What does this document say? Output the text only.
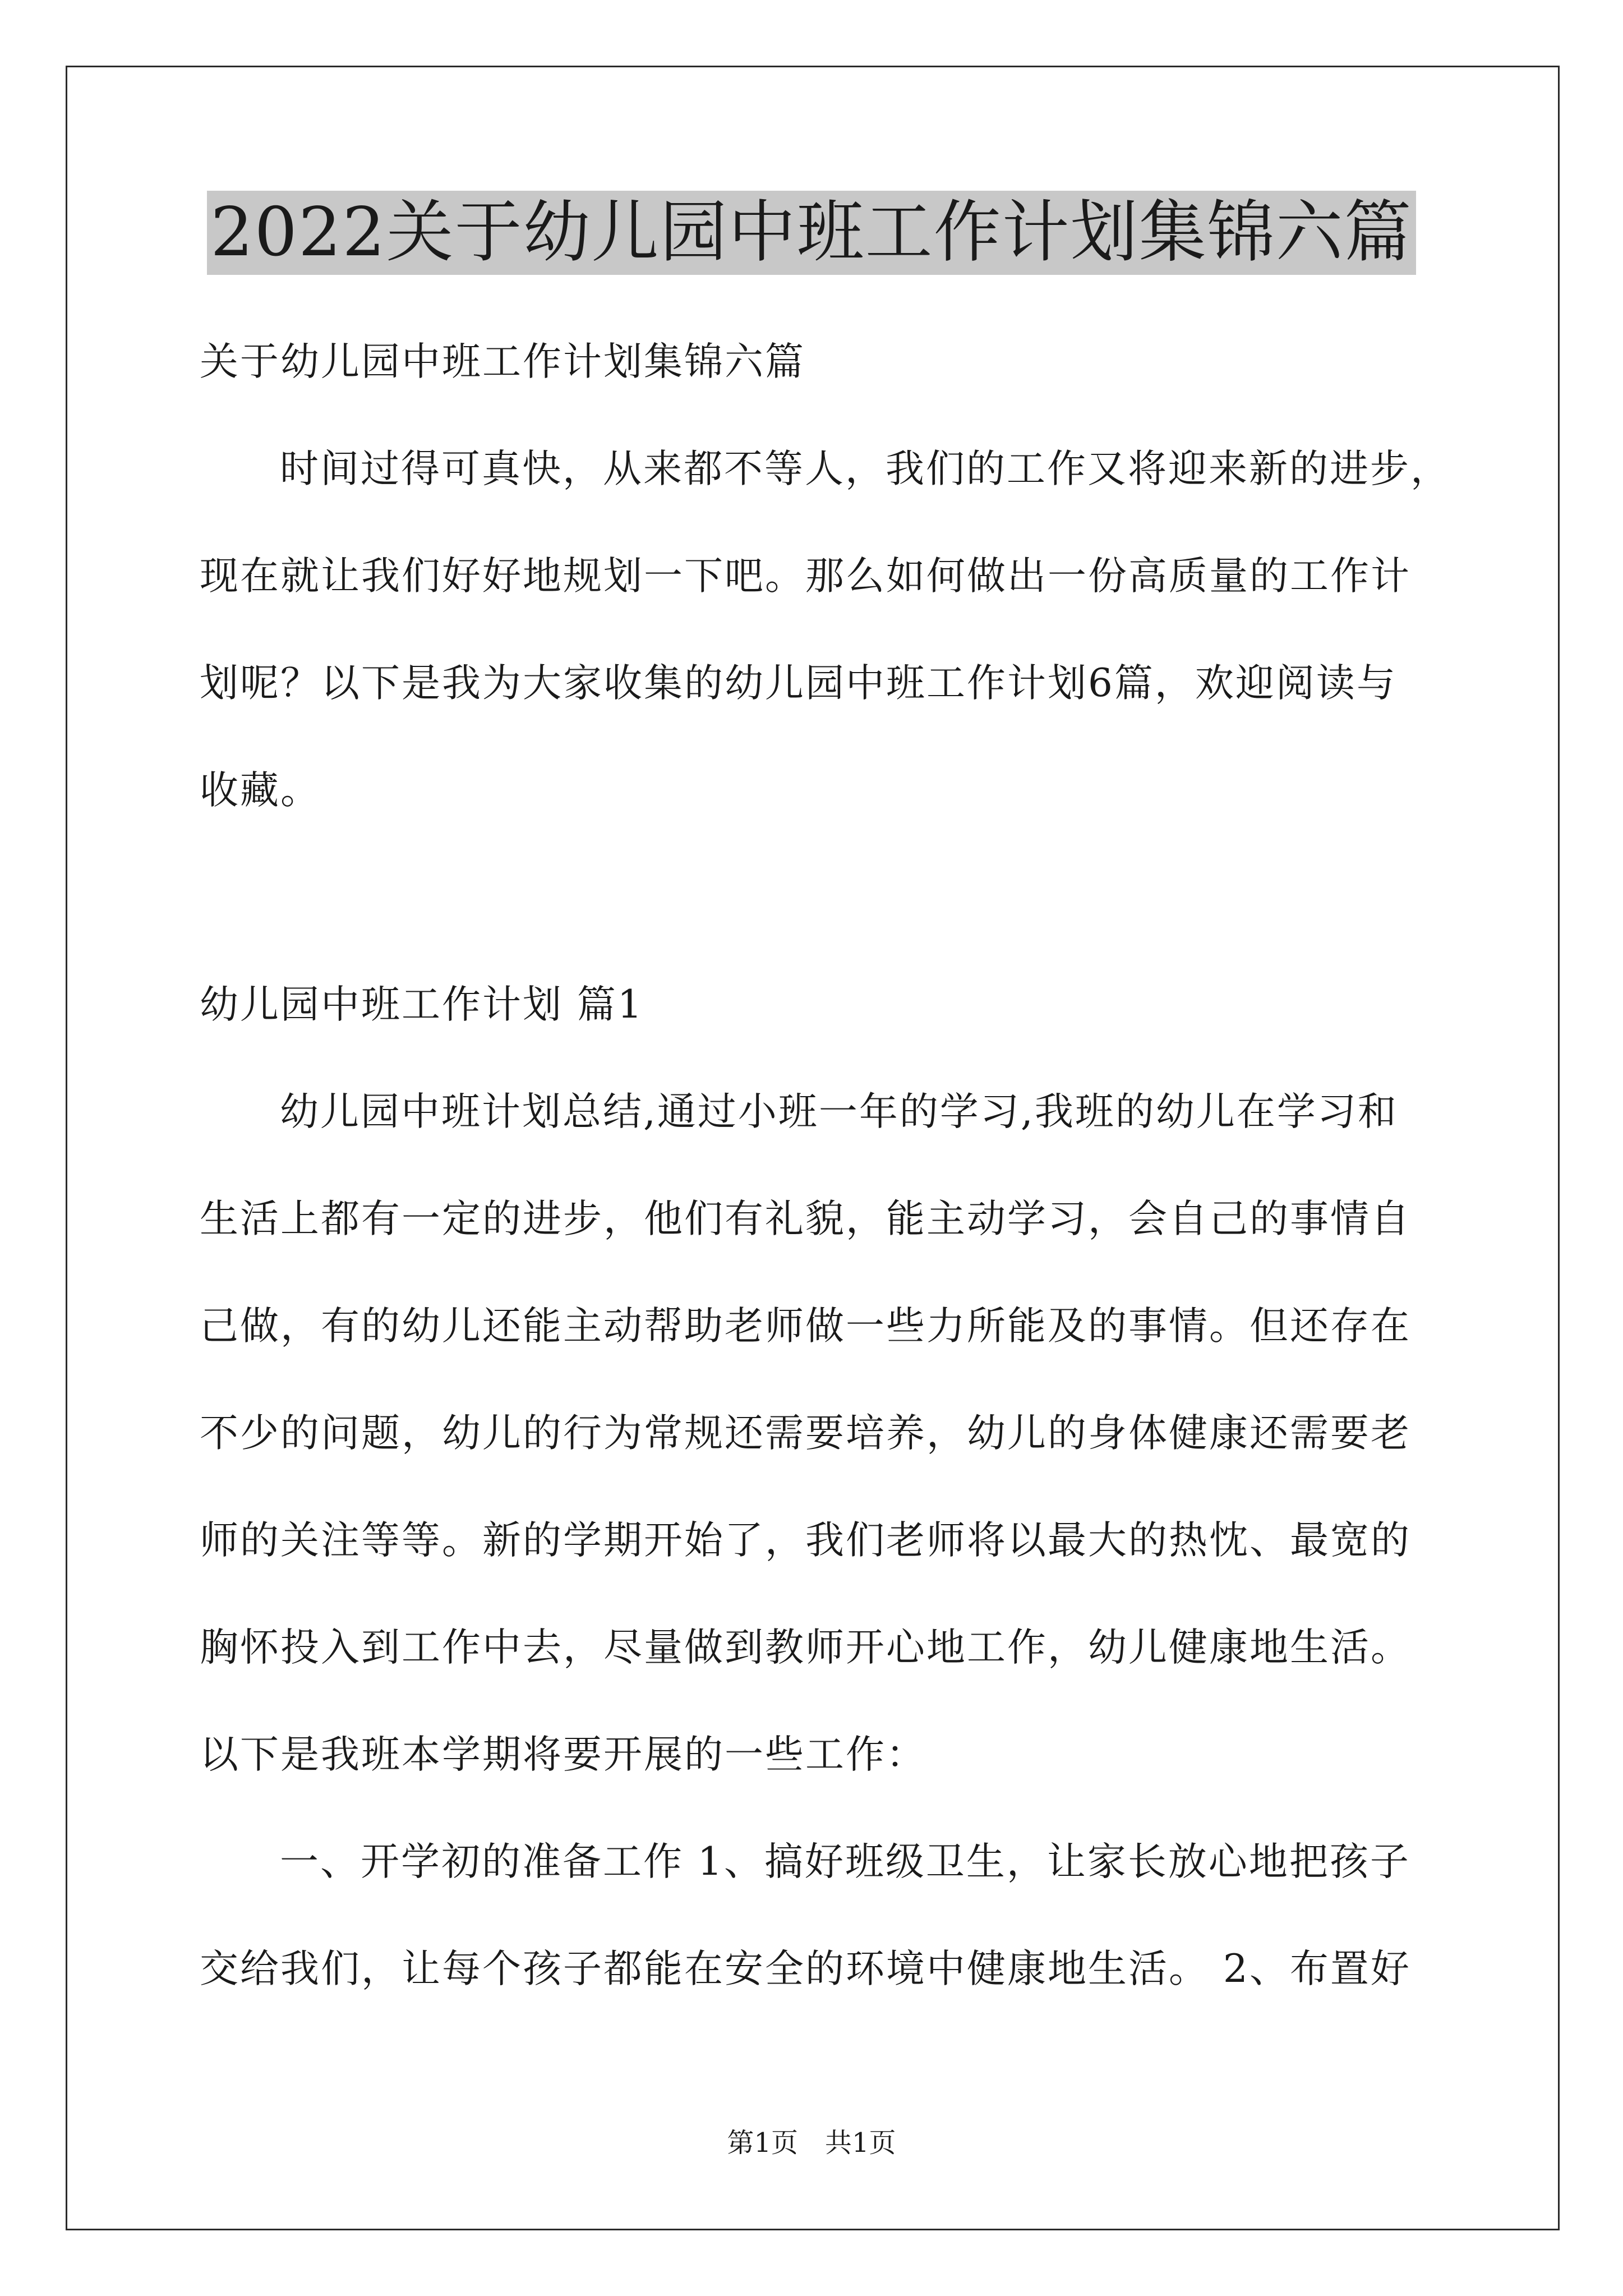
2022关于幼儿园中班工作计划集锦六篇
关于幼儿园中班工作计划集锦六篇
时间过得可真快，从来都不等人，我们的工作又将迎来新的进步，
现在就让我们好好地规划一下吧。那么如何做出一份高质量的工作计
划呢？以下是我为大家收集的幼儿园中班工作计划6篇，欢迎阅读与
收藏。
幼儿园中班工作计划 篇1
幼儿园中班计划总结,通过小班一年的学习,我班的幼儿在学习和
生活上都有一定的进步，他们有礼貌，能主动学习，会自己的事情自
己做，有的幼儿还能主动帮助老师做一些力所能及的事情。但还存在
不少的问题，幼儿的行为常规还需要培养，幼儿的身体健康还需要老
师的关注等等。新的学期开始了，我们老师将以最大的热忱、最宽的
胸怀投入到工作中去，尽量做到教师开心地工作，幼儿健康地生活。
以下是我班本学期将要开展的一些工作：
一、开学初的准备工作 1、搞好班级卫生，让家长放心地把孩子
交给我们，让每个孩子都能在安全的环境中健康地生活。 2、布置好
第1页　共1页
